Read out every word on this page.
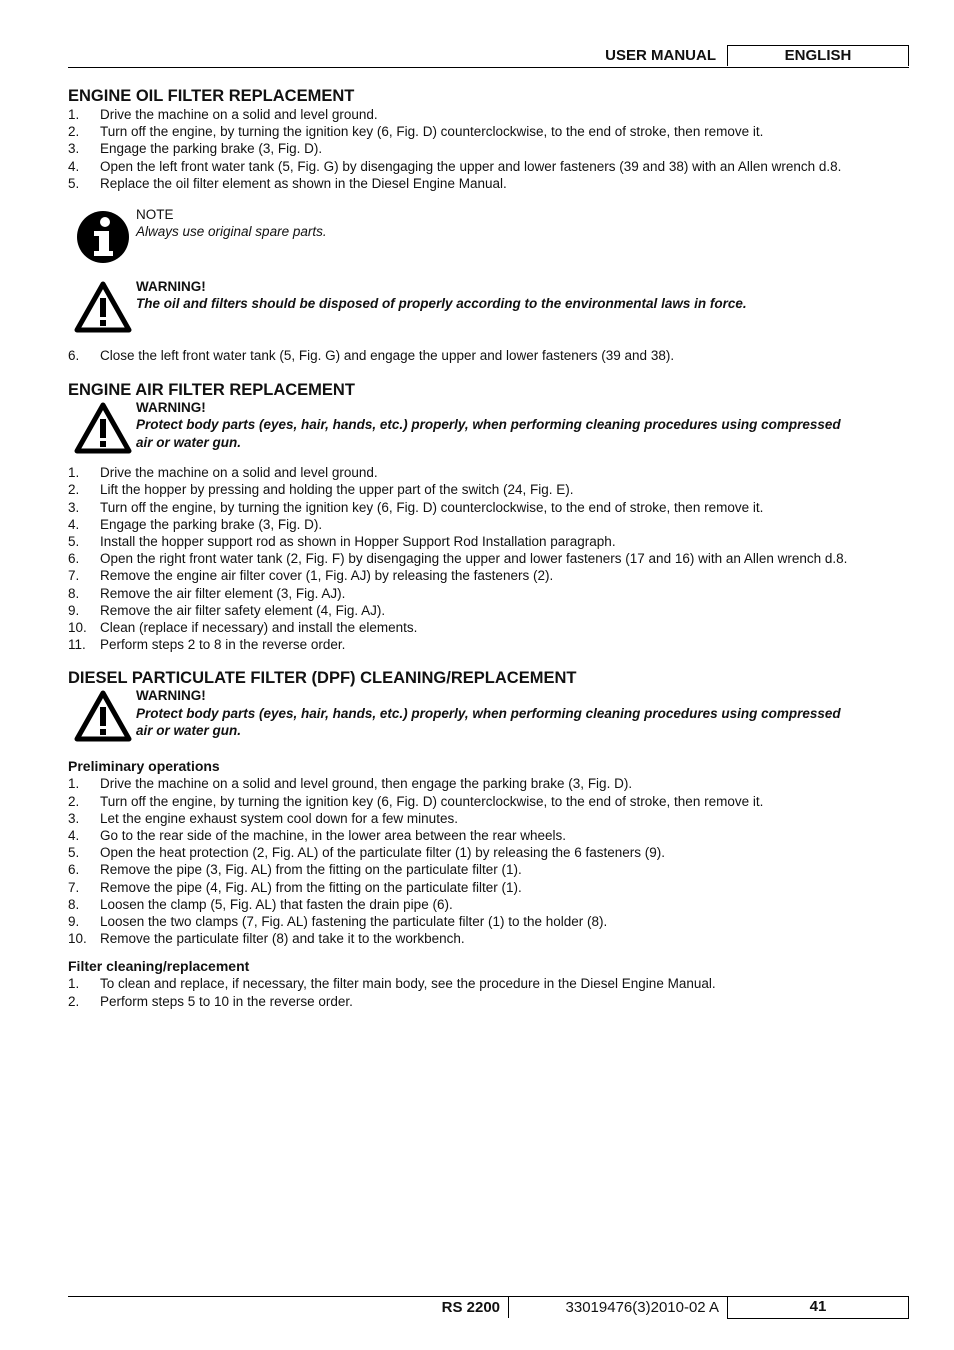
USER MANUAL	ENGLISH
ENGINE OIL FILTER REPLACEMENT
1.	Drive the machine on a solid and level ground.
2.	Turn off the engine, by turning the ignition key (6, Fig. D) counterclockwise, to the end of stroke, then remove it.
3.	Engage the parking brake (3, Fig. D).
4.	Open the left front water tank (5, Fig. G) by disengaging the upper and lower fasteners (39 and 38) with an Allen wrench d.8.
5.	Replace the oil filter element as shown in the Diesel Engine Manual.
NOTE
Always use original spare parts.
WARNING!
The oil and filters should be disposed of properly according to the environmental laws in force.
6.	Close the left front water tank (5, Fig. G) and engage the upper and lower fasteners (39 and 38).
ENGINE AIR FILTER REPLACEMENT
WARNING!
Protect body parts (eyes, hair, hands, etc.) properly, when performing cleaning procedures using compressed
air or water gun.
1.	Drive the machine on a solid and level ground.
2.	Lift the hopper by pressing and holding the upper part of the switch (24, Fig. E).
3.	Turn off the engine, by turning the ignition key (6, Fig. D) counterclockwise, to the end of stroke, then remove it.
4.	Engage the parking brake (3, Fig. D).
5.	Install the hopper support rod as shown in Hopper Support Rod Installation paragraph.
6.	Open the right front water tank (2, Fig. F) by disengaging the upper and lower fasteners (17 and 16) with an Allen wrench d.8.
7.	Remove the engine air filter cover (1, Fig. AJ) by releasing the fasteners (2).
8.	Remove the air filter element (3, Fig. AJ).
9.	Remove the air filter safety element (4, Fig. AJ).
10. Clean (replace if necessary) and install the elements.
11.	Perform steps 2 to 8 in the reverse order.
DIESEL PARTICULATE FILTER (DPF) CLEANING/REPLACEMENT
WARNING!
Protect body parts (eyes, hair, hands, etc.) properly, when performing cleaning procedures using compressed
air or water gun.
Preliminary operations
1.	Drive the machine on a solid and level ground, then engage the parking brake (3, Fig. D).
2.	Turn off the engine, by turning the ignition key (6, Fig. D) counterclockwise, to the end of stroke, then remove it.
3.	Let the engine exhaust system cool down for a few minutes.
4.	Go to the rear side of the machine, in the lower area between the rear wheels.
5.	Open the heat protection (2, Fig. AL) of the particulate filter (1) by releasing the 6 fasteners (9).
6.	Remove the pipe (3, Fig. AL) from the fitting on the particulate filter (1).
7.	Remove the pipe (4, Fig. AL) from the fitting on the particulate filter (1).
8.	Loosen the clamp (5, Fig. AL) that fasten the drain pipe (6).
9.	Loosen the two clamps (7, Fig. AL) fastening the particulate filter (1) to the holder (8).
10. Remove the particulate filter (8) and take it to the workbench.
Filter cleaning/replacement
1.	To clean and replace, if necessary, the filter main body, see the procedure in the Diesel Engine Manual.
2.	Perform steps 5 to 10 in the reverse order.
RS 2200	33019476(3)2010-02 A	41
